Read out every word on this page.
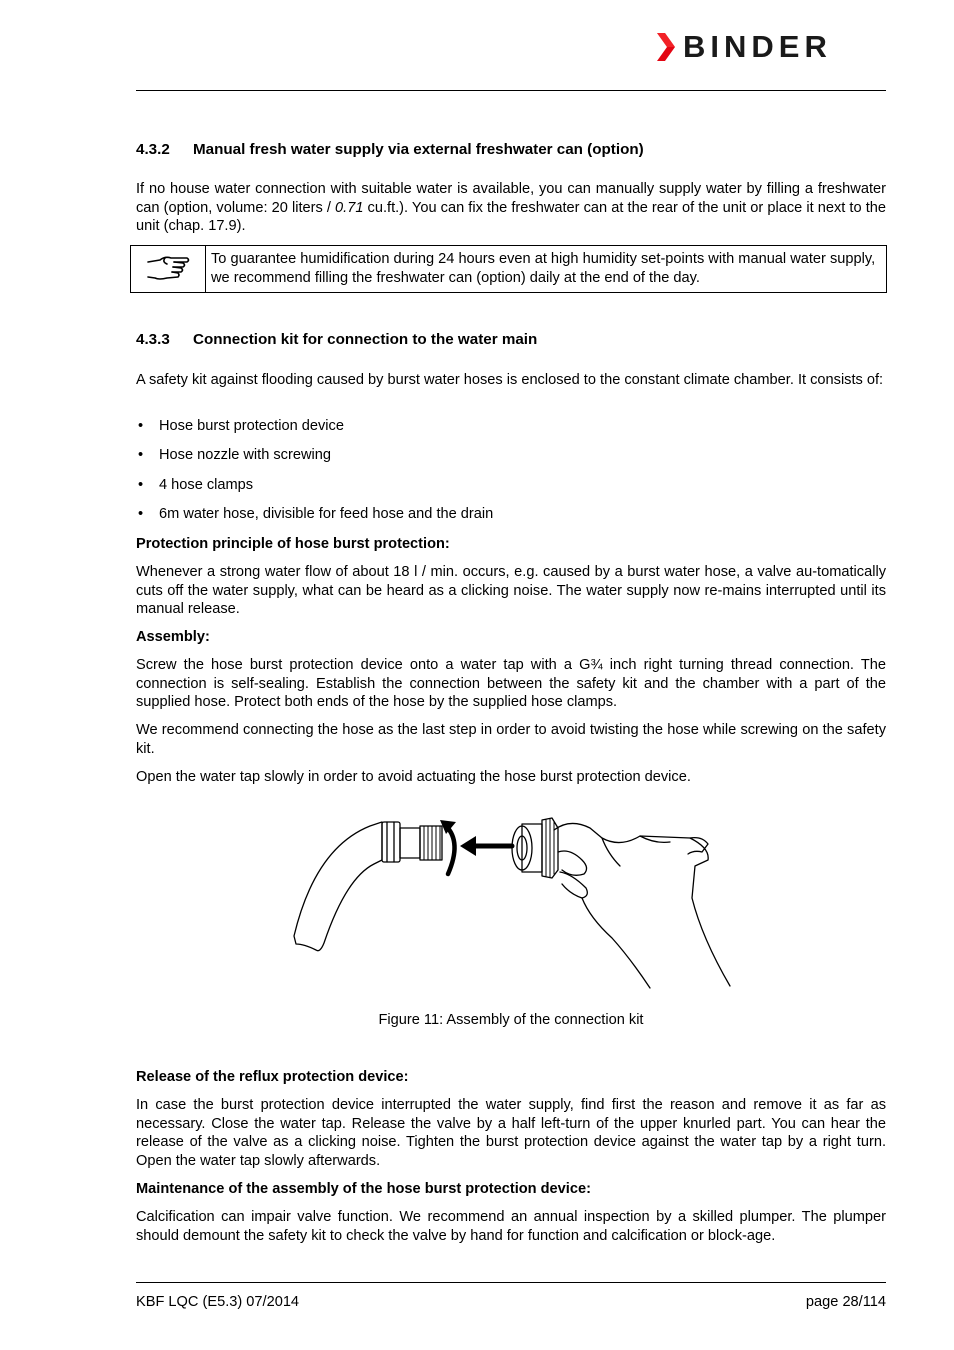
BINDER
4.3.2 Manual fresh water supply via external freshwater can (option)
If no house water connection with suitable water is available, you can manually supply water by filling a freshwater can (option, volume: 20 liters / 0.71 cu.ft.). You can fix the freshwater can at the rear of the unit or place it next to the unit (chap. 17.9).
To guarantee humidification during 24 hours even at high humidity set-points with manual water supply, we recommend filling the freshwater can (option) daily at the end of the day.
4.3.3 Connection kit for connection to the water main
A safety kit against flooding caused by burst water hoses is enclosed to the constant climate chamber. It consists of:
• Hose burst protection device
• Hose nozzle with screwing
• 4 hose clamps
• 6m water hose, divisible for feed hose and the drain
Protection principle of hose burst protection:
Whenever a strong water flow of about 18 l / min. occurs, e.g. caused by a burst water hose, a valve au-tomatically cuts off the water supply, what can be heard as a clicking noise. The water supply now re-mains interrupted until its manual release.
Assembly:
Screw the hose burst protection device onto a water tap with a G¾ inch right turning thread connection. The connection is self-sealing. Establish the connection between the safety kit and the chamber with a part of the supplied hose. Protect both ends of the hose by the supplied hose clamps.
We recommend connecting the hose as the last step in order to avoid twisting the hose while screwing on the safety kit.
Open the water tap slowly in order to avoid actuating the hose burst protection device.
Figure 11: Assembly of the connection kit
Release of the reflux protection device:
In case the burst protection device interrupted the water supply, find first the reason and remove it as far as necessary. Close the water tap. Release the valve by a half left-turn of the upper knurled part. You can hear the release of the valve as a clicking noise. Tighten the burst protection device against the water tap by a right turn. Open the water tap slowly afterwards.
Maintenance of the assembly of the hose burst protection device:
Calcification can impair valve function. We recommend an annual inspection by a skilled plumper. The plumper should demount the safety kit to check the valve by hand for function and calcification or block-age.
KBF LQC (E5.3) 07/2014	page 28/114
